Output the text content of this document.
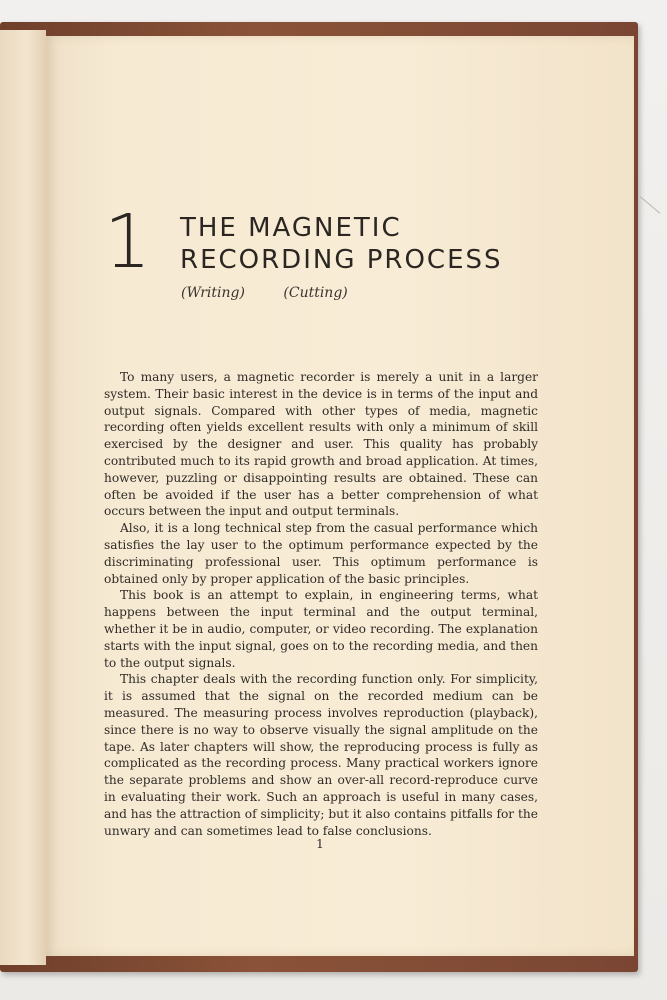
1 THE MAGNETIC
RECORDING PROCESS
(Writing)	(Cutting)

To many users, a magnetic recorder is merely a unit in a larger system. Their basic interest in the device is in terms of the input and output signals. Compared with other types of media, magnetic recording often yields excellent results with only a minimum of skill exercised by the designer and user. This quality has probably contributed much to its rapid growth and broad application. At times, however, puzzling or disappointing results are obtained. These can often be avoided if the user has a better comprehension of what occurs between the input and output terminals.

Also, it is a long technical step from the casual performance which satisfies the lay user to the optimum performance expected by the discriminating professional user. This optimum performance is obtained only by proper application of the basic principles.

This book is an attempt to explain, in engineering terms, what happens between the input terminal and the output terminal, whether it be in audio, computer, or video recording. The explanation starts with the input signal, goes on to the recording media, and then to the output signals.

This chapter deals with the recording function only. For simplicity, it is assumed that the signal on the recorded medium can be measured. The measuring process involves reproduction (playback), since there is no way to observe visually the signal amplitude on the tape. As later chapters will show, the reproducing process is fully as complicated as the recording process. Many practical workers ignore the separate problems and show an over-all record-reproduce curve in evaluating their work. Such an approach is useful in many cases, and has the attraction of simplicity; but it also contains pitfalls for the unwary and can sometimes lead to false conclusions.

1
